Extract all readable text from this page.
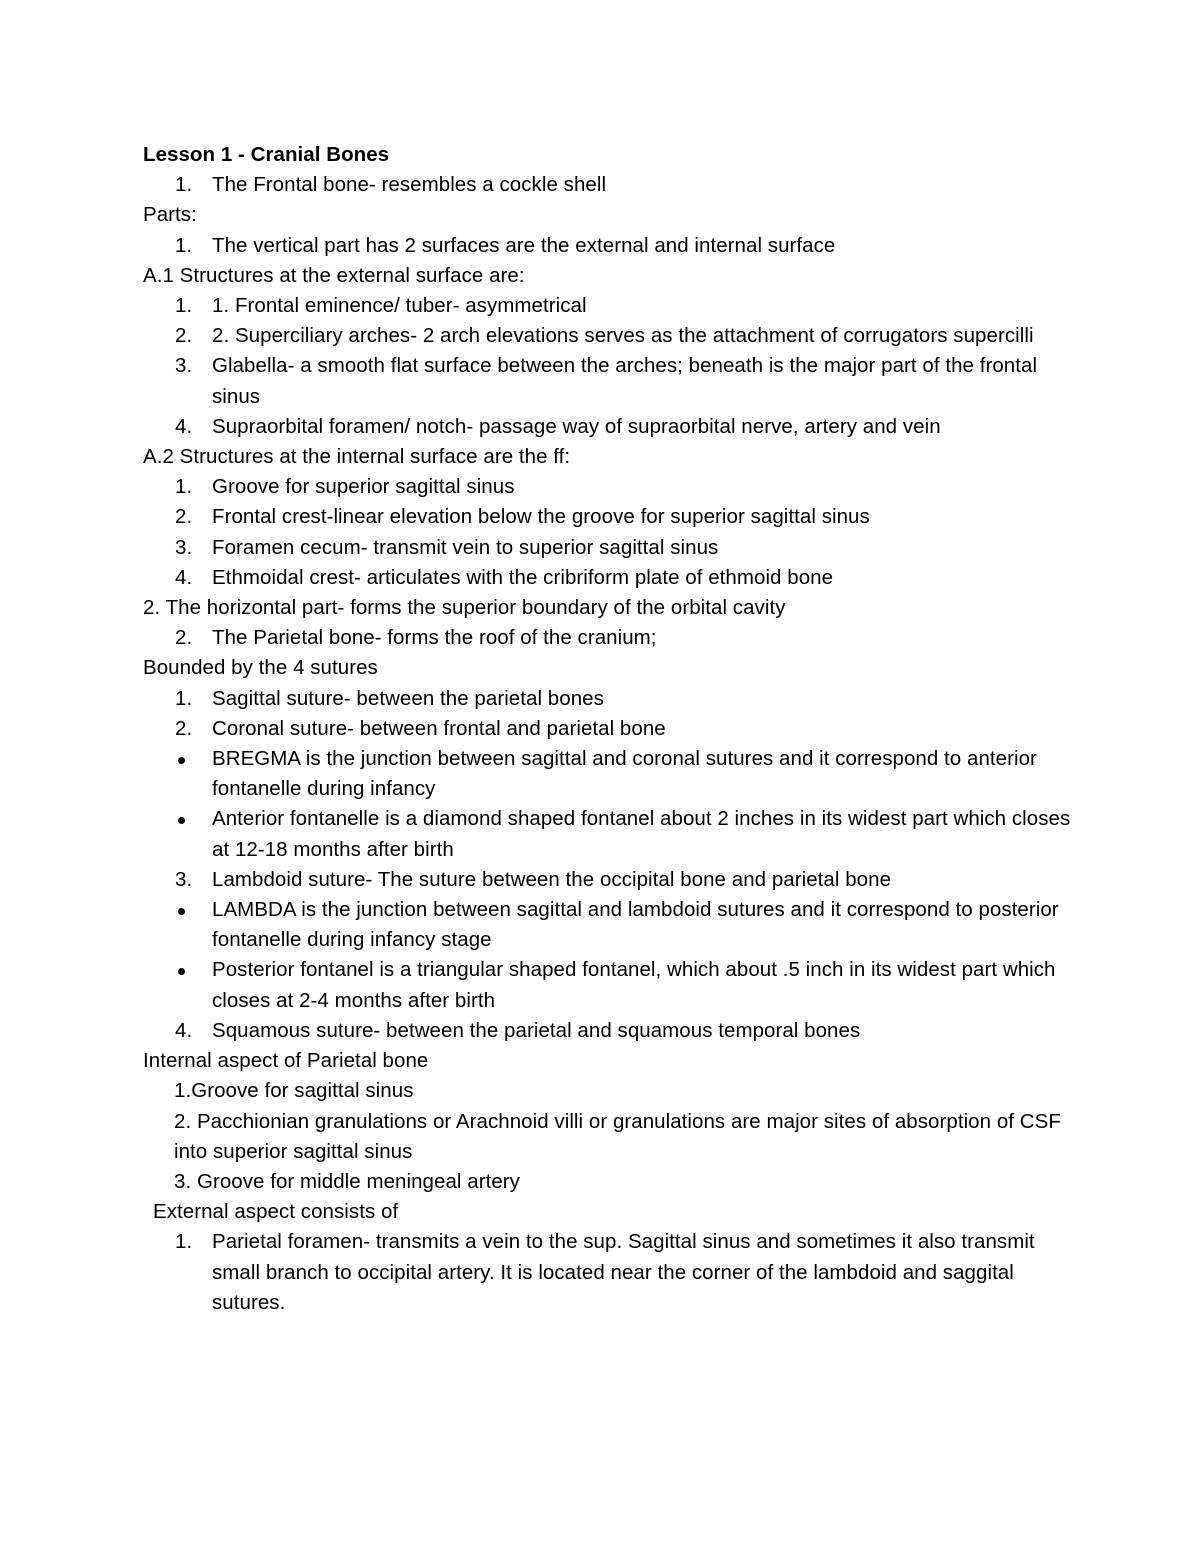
Lesson 1 - Cranial Bones
1. The Frontal bone- resembles a cockle shell
Parts:
1. The vertical part has 2 surfaces are the external and internal surface
A.1 Structures at the external surface are:
1. 1. Frontal eminence/ tuber- asymmetrical
2. 2. Superciliary arches- 2 arch elevations serves as the attachment of corrugators supercilli
3. Glabella- a smooth flat surface between the arches; beneath is the major part of the frontal sinus
4. Supraorbital foramen/ notch- passage way of supraorbital nerve, artery and vein
A.2 Structures at the internal surface are the ff:
1. Groove for superior sagittal sinus
2. Frontal crest-linear elevation below the groove for superior sagittal sinus
3. Foramen cecum- transmit vein to superior sagittal sinus
4. Ethmoidal crest- articulates with the cribriform plate of ethmoid bone
2. The horizontal part- forms the superior boundary of the orbital cavity
2. The Parietal bone- forms the roof of the cranium;
Bounded by the 4 sutures
1. Sagittal suture- between the parietal bones
2. Coronal suture- between frontal and parietal bone
BREGMA is the junction between sagittal and coronal sutures and it correspond to anterior fontanelle during infancy
Anterior fontanelle is a diamond shaped fontanel about 2 inches in its widest part which closes at 12-18 months after birth
3. Lambdoid suture- The suture between the occipital bone and parietal bone
LAMBDA is the junction between sagittal and lambdoid sutures and it correspond to posterior fontanelle during infancy stage
Posterior fontanel is a triangular shaped fontanel, which about .5 inch in its widest part which closes at 2-4 months after birth
4. Squamous suture- between the parietal and squamous temporal bones
Internal aspect of Parietal bone
1.Groove for sagittal sinus
2. Pacchionian granulations or Arachnoid villi or granulations are major sites of absorption of CSF into superior sagittal sinus
3. Groove for middle meningeal artery
External aspect consists of
1. Parietal foramen- transmits a vein to the sup. Sagittal sinus and sometimes it also transmit small branch to occipital artery. It is located near the corner of the lambdoid and saggital sutures.
